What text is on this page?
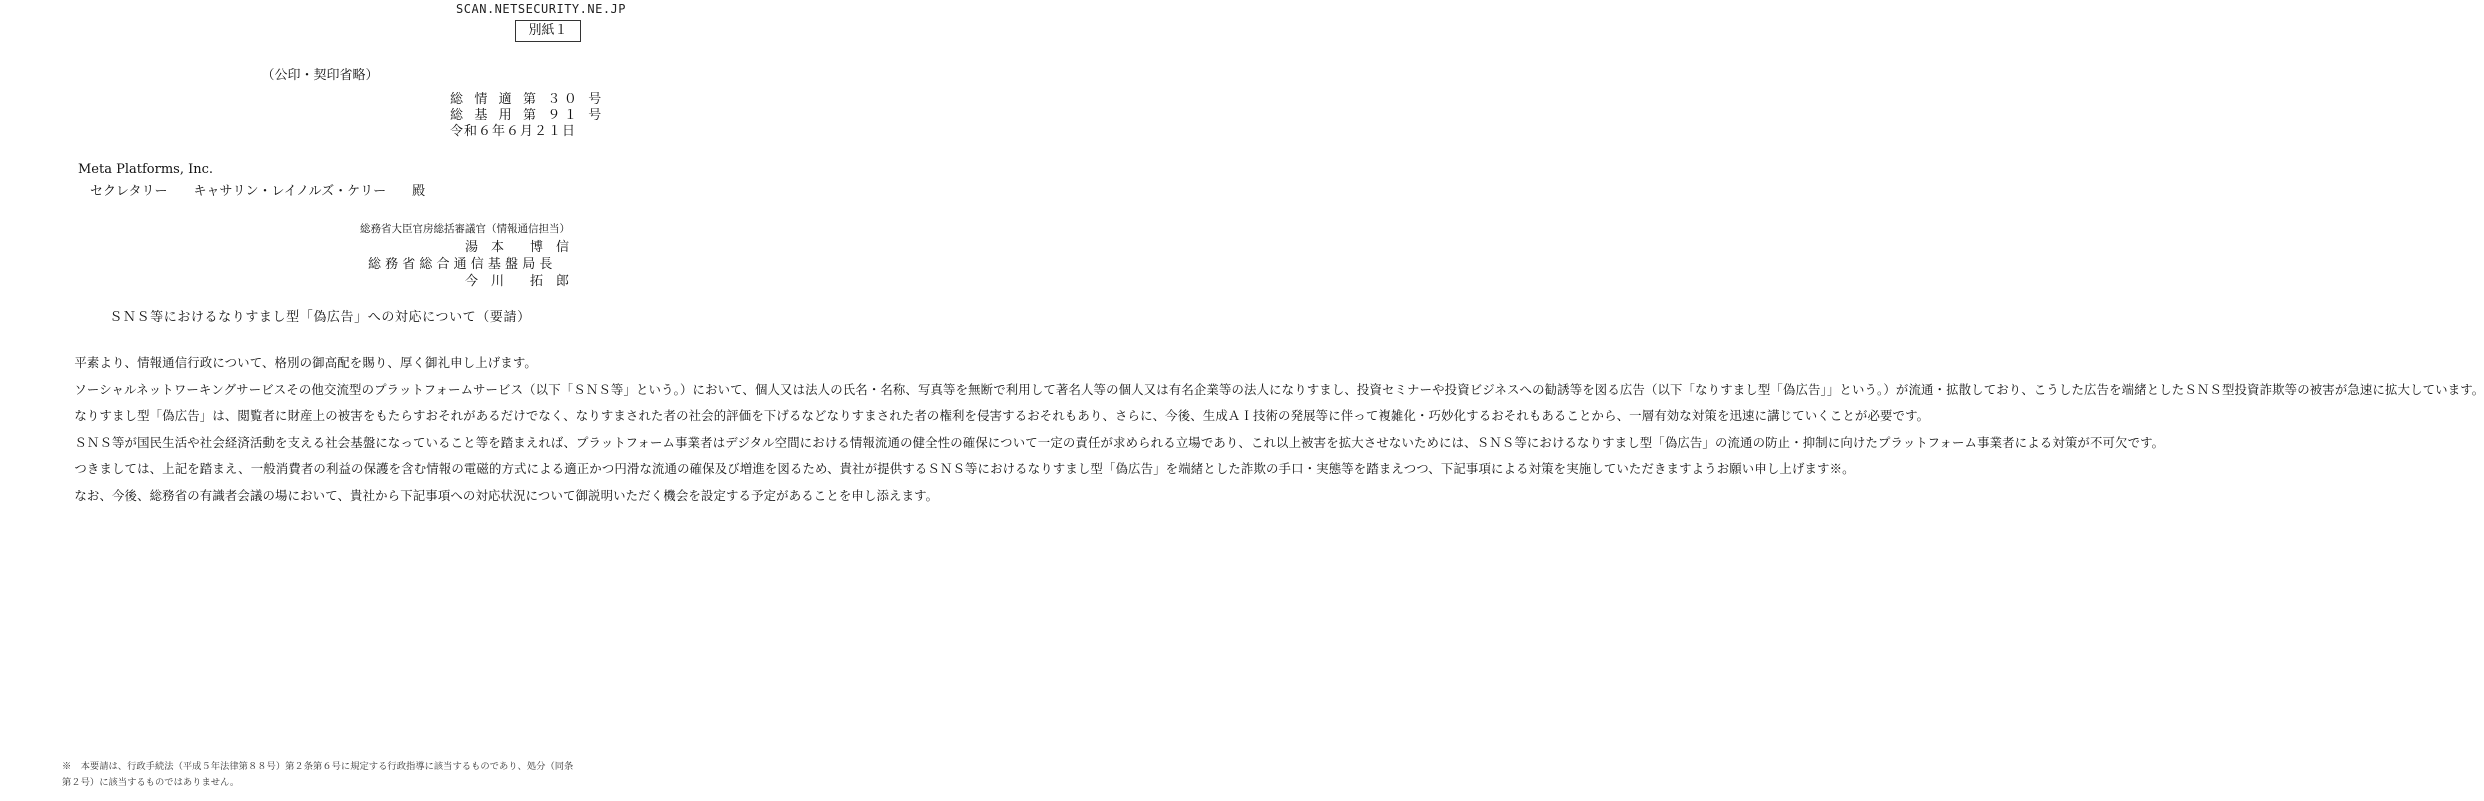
SCAN.NETSECURITY.NE.JP
別紙１
（公印・契印省略）
総 情 適 第 ３０ 号
総 基 用 第 ９１ 号
令和６年６月２１日
Meta Platforms, Inc.
セクレタリー　　キャサリン・レイノルズ・ケリー　　殿
総務省大臣官房総括審議官（情報通信担当）
湯　本　　博　信
総 務 省 総 合 通 信 基 盤 局 長
今　川　　拓　郎
ＳＮＳ等におけるなりすまし型「偽広告」への対応について（要請）

平素より、情報通信行政について、格別の御高配を賜り、厚く御礼申し上げます。

ソーシャルネットワーキングサービスその他交流型のプラットフォームサービス（以下「ＳＮＳ等」という。）において、個人又は法人の氏名・名称、写真等を無断で利用して著名人等の個人又は有名企業等の法人になりすまし、投資セミナーや投資ビジネスへの勧誘等を図る広告（以下「なりすまし型「偽広告」」という。）が流通・拡散しており、こうした広告を端緒としたＳＮＳ型投資詐欺等の被害が急速に拡大しています。

なりすまし型「偽広告」は、閲覧者に財産上の被害をもたらすおそれがあるだけでなく、なりすまされた者の社会的評価を下げるなどなりすまされた者の権利を侵害するおそれもあり、さらに、今後、生成ＡＩ技術の発展等に伴って複雑化・巧妙化するおそれもあることから、一層有効な対策を迅速に講じていくことが必要です。

ＳＮＳ等が国民生活や社会経済活動を支える社会基盤になっていること等を踏まえれば、プラットフォーム事業者はデジタル空間における情報流通の健全性の確保について一定の責任が求められる立場であり、これ以上被害を拡大させないためには、ＳＮＳ等におけるなりすまし型「偽広告」の流通の防止・抑制に向けたプラットフォーム事業者による対策が不可欠です。

つきましては、上記を踏まえ、一般消費者の利益の保護を含む情報の電磁的方式による適正かつ円滑な流通の確保及び増進を図るため、貴社が提供するＳＮＳ等におけるなりすまし型「偽広告」を端緒とした詐欺の手口・実態等を踏まえつつ、下記事項による対策を実施していただきますようお願い申し上げます※。

なお、今後、総務省の有識者会議の場において、貴社から下記事項への対応状況について御説明いただく機会を設定する予定があることを申し添えます。

※　本要請は、行政手続法（平成５年法律第８８号）第２条第６号に規定する行政指導に該当するものであり、処分（同条第２号）に該当するものではありません。
